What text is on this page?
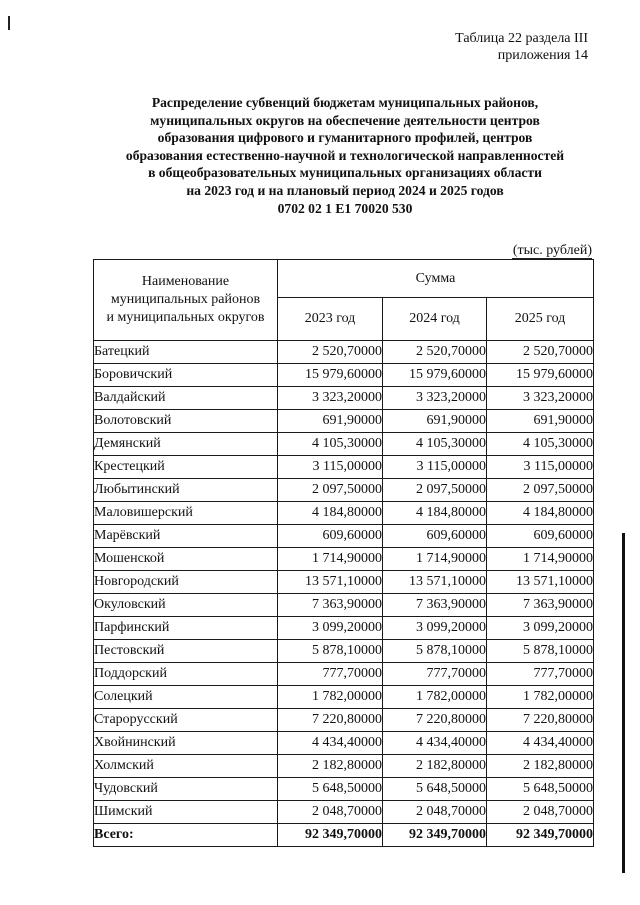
Таблица 22 раздела III
приложения 14
Распределение субвенций бюджетам муниципальных районов,
муниципальных округов на обеспечение деятельности центров
образования цифрового и гуманитарного профилей, центров
образования естественно-научной и технологической направленностей
в общеобразовательных муниципальных организациях области
на 2023 год и на плановый период 2024 и 2025 годов
0702 02 1 Е1 70020 530
(тыс. рублей)
Наименование
муниципальных районов
и муниципальных округов	Сумма		
	2023 год	2024 год	2025 год
Батецкий	2 520,70000	2 520,70000	2 520,70000
Боровичский	15 979,60000	15 979,60000	15 979,60000
Валдайский	3 323,20000	3 323,20000	3 323,20000
Волотовский	691,90000	691,90000	691,90000
Демянский	4 105,30000	4 105,30000	4 105,30000
Крестецкий	3 115,00000	3 115,00000	3 115,00000
Любытинский	2 097,50000	2 097,50000	2 097,50000
Маловишерский	4 184,80000	4 184,80000	4 184,80000
Марёвский	609,60000	609,60000	609,60000
Мошенской	1 714,90000	1 714,90000	1 714,90000
Новгородский	13 571,10000	13 571,10000	13 571,10000
Окуловский	7 363,90000	7 363,90000	7 363,90000
Парфинский	3 099,20000	3 099,20000	3 099,20000
Пестовский	5 878,10000	5 878,10000	5 878,10000
Поддорский	777,70000	777,70000	777,70000
Солецкий	1 782,00000	1 782,00000	1 782,00000
Старорусский	7 220,80000	7 220,80000	7 220,80000
Хвойнинский	4 434,40000	4 434,40000	4 434,40000
Холмский	2 182,80000	2 182,80000	2 182,80000
Чудовский	5 648,50000	5 648,50000	5 648,50000
Шимский	2 048,70000	2 048,70000	2 048,70000
Всего:	92 349,70000	92 349,70000	92 349,70000
